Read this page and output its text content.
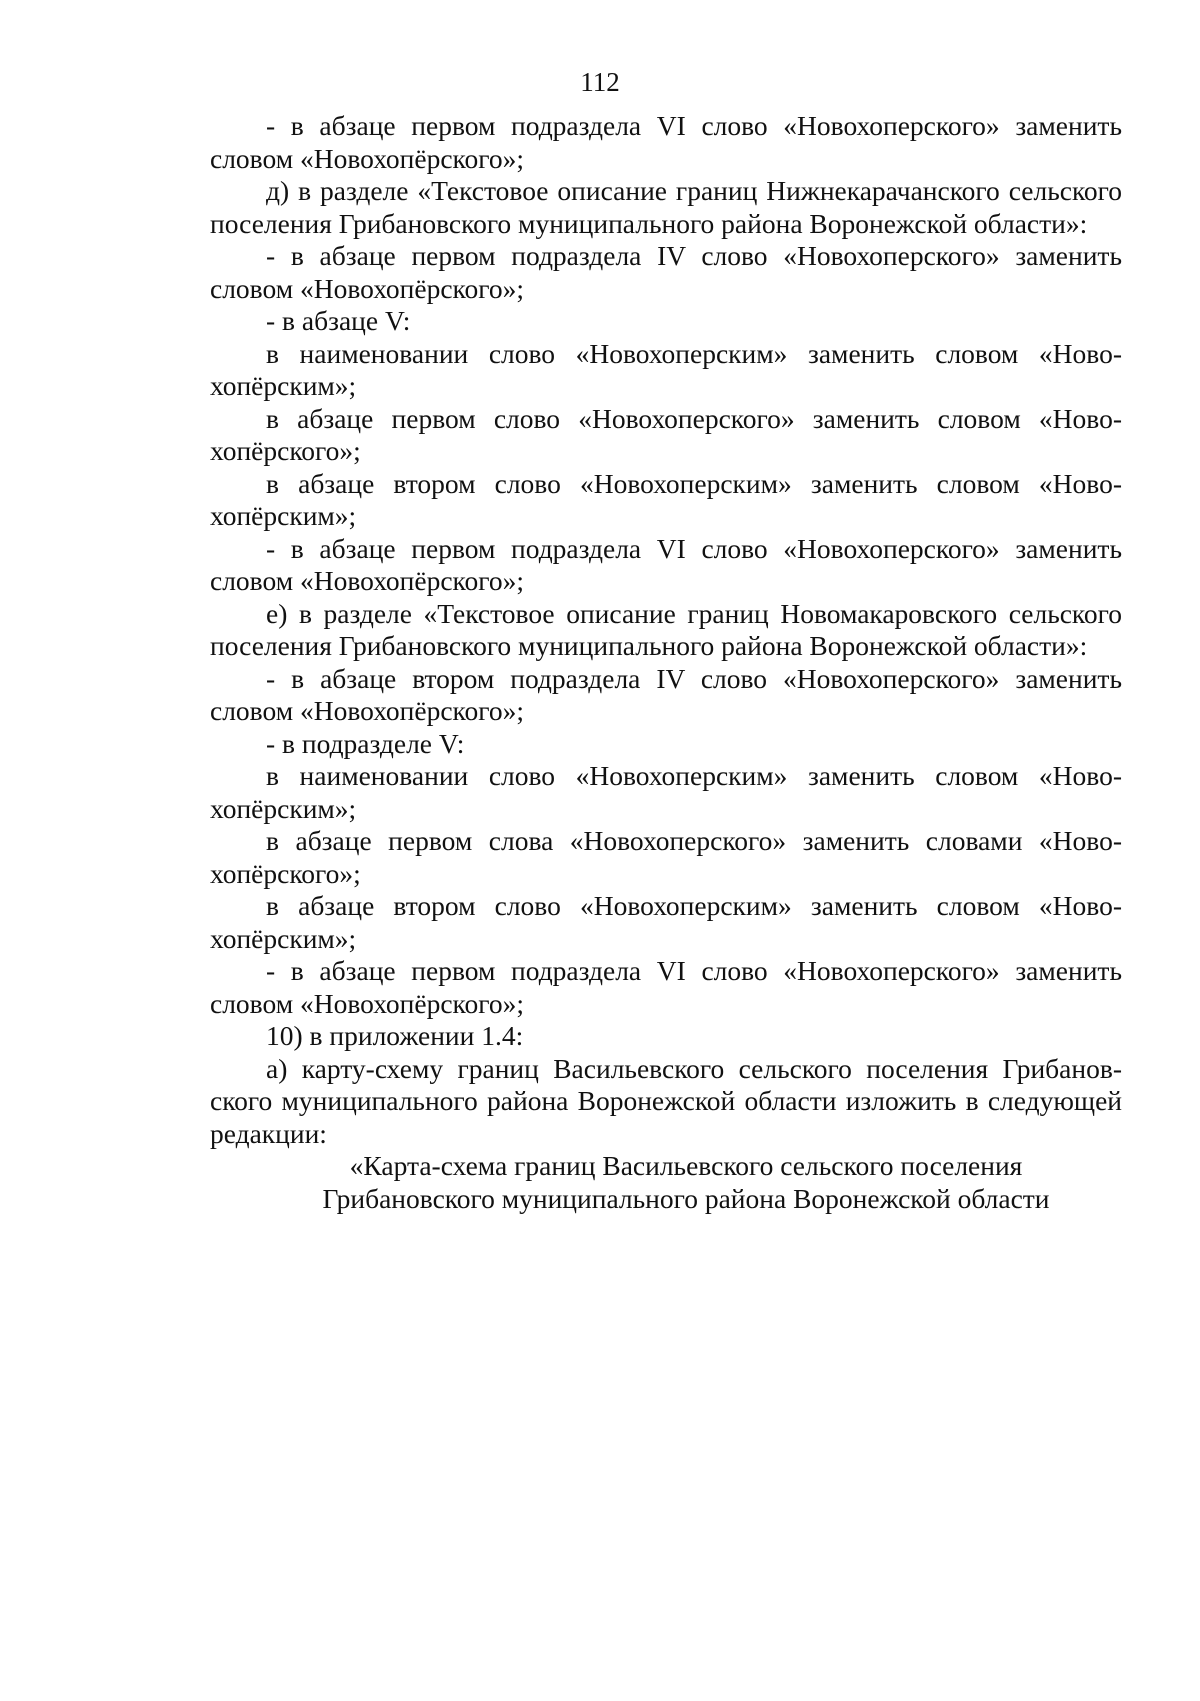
112

- в абзаце первом подраздела VI слово «Новохоперского» заменить словом «Новохопёрского»;

д) в разделе «Текстовое описание границ Нижнекарачанского сельского поселения Грибановского муниципального района Воронежской области»:

- в абзаце первом подраздела IV слово «Новохоперского» заменить словом «Новохопёрского»;

- в абзаце V:

в наименовании слово «Новохоперским» заменить словом «Новохопёрским»;

в абзаце первом слово «Новохоперского» заменить словом «Новохопёрского»;

в абзаце втором слово «Новохоперским» заменить словом «Новохопёрским»;

- в абзаце первом подраздела VI слово «Новохоперского» заменить словом «Новохопёрского»;

е) в разделе «Текстовое описание границ Новомакаровского сельского поселения Грибановского муниципального района Воронежской области»:

- в абзаце втором подраздела IV слово «Новохоперского» заменить словом «Новохопёрского»;

- в подразделе V:

в наименовании слово «Новохоперским» заменить словом «Новохопёрским»;

в абзаце первом слова «Новохоперского» заменить словами «Новохопёрского»;

в абзаце втором слово «Новохоперским» заменить словом «Новохопёрским»;

- в абзаце первом подраздела VI слово «Новохоперского» заменить словом «Новохопёрского»;

10) в приложении 1.4:

а) карту-схему границ Васильевского сельского поселения Грибановского муниципального района Воронежской области изложить в следующей редакции:

«Карта-схема границ Васильевского сельского поселения

Грибановского муниципального района Воронежской области
